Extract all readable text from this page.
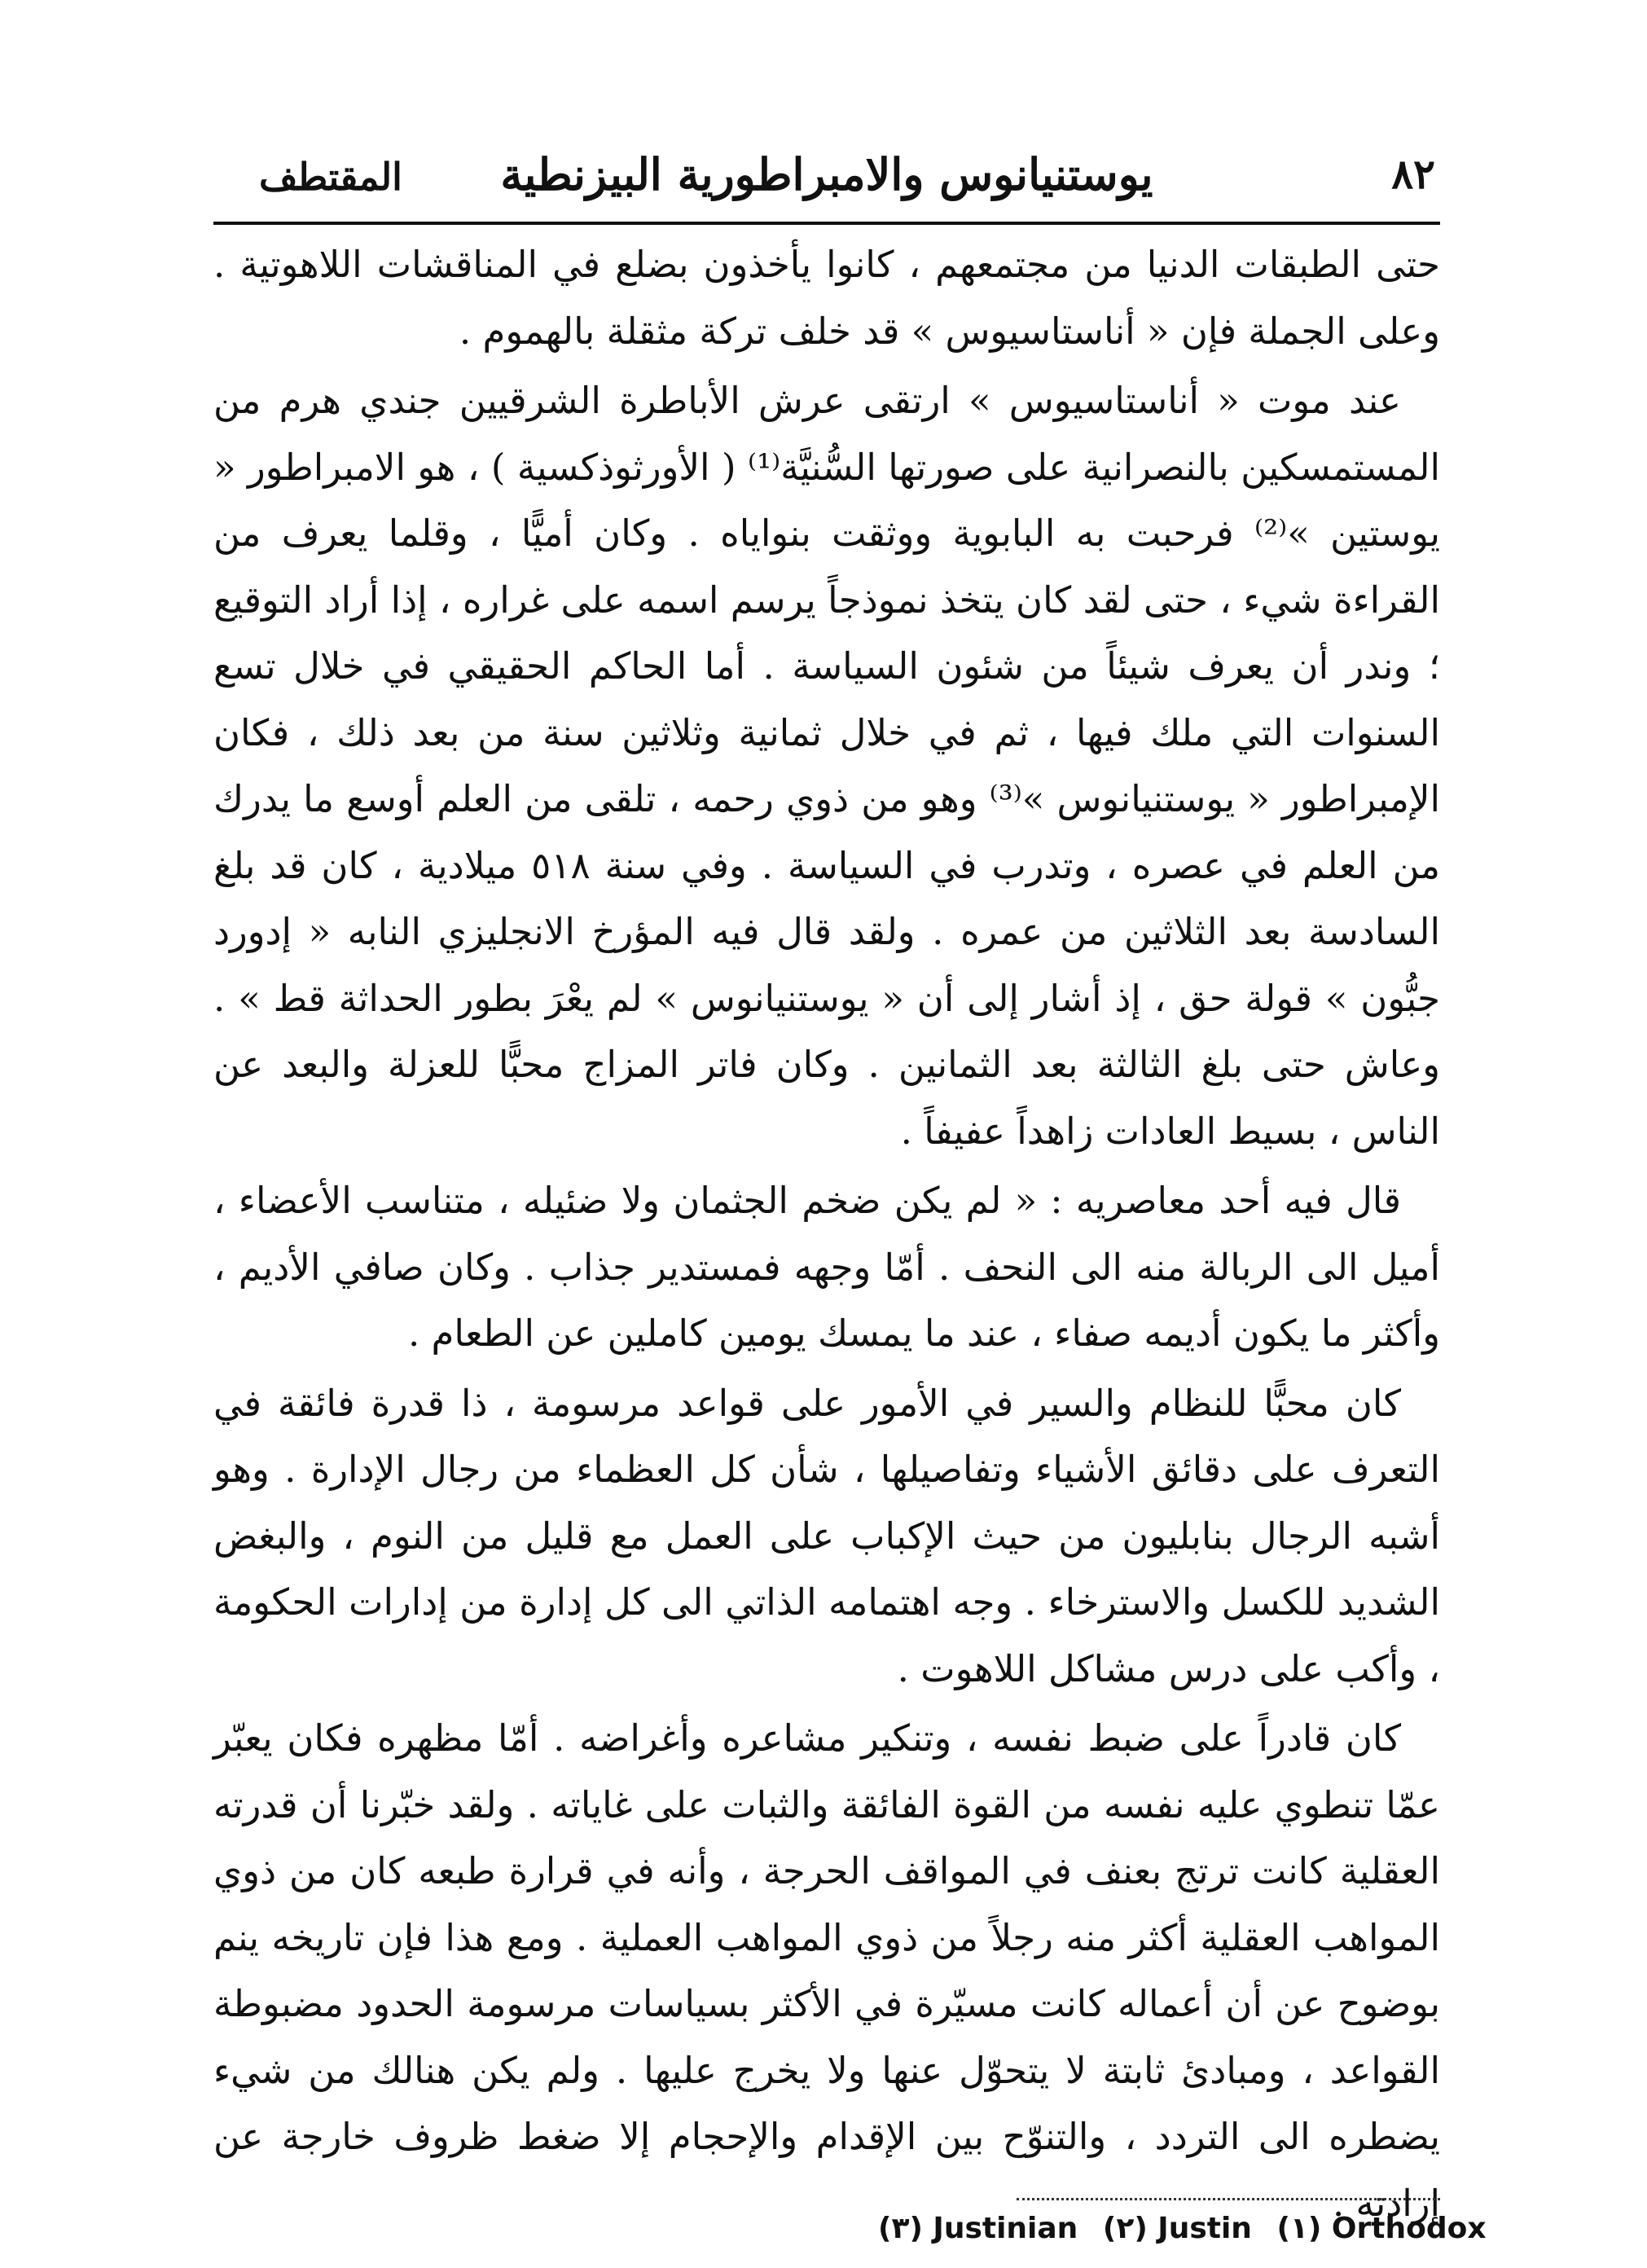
٨٢
يوستنيانوس والامبراطورية البيزنطية
المقتطف

حتى الطبقات الدنيا من مجتمعهم ، كانوا يأخذون بضلع في المناقشات اللاهوتية . وعلى الجملة فإن « أناستاسيوس » قد خلف تركة مثقلة بالهموم .

عند موت « أناستاسيوس » ارتقى عرش الأباطرة الشرقيين جندي هرم من المستمسكين بالنصرانية على صورتها السُّنيَّة⁽¹⁾ ( الأورثوذكسية ) ، هو الامبراطور « يوستين »⁽²⁾ فرحبت به البابوية ووثقت بنواياه . وكان أميًّا ، وقلما يعرف من القراءة شيء ، حتى لقد كان يتخذ نموذجاً يرسم اسمه على غراره ، إذا أراد التوقيع ؛ وندر أن يعرف شيئاً من شئون السياسة . أما الحاكم الحقيقي في خلال تسع السنوات التي ملك فيها ، ثم في خلال ثمانية وثلاثين سنة من بعد ذلك ، فكان الإمبراطور « يوستنيانوس »⁽³⁾ وهو من ذوي رحمه ، تلقى من العلم أوسع ما يدرك من العلم في عصره ، وتدرب في السياسة . وفي سنة ٥١٨ ميلادية ، كان قد بلغ السادسة بعد الثلاثين من عمره . ولقد قال فيه المؤرخ الانجليزي النابه « إدورد جبُّون » قولة حق ، إذ أشار إلى أن « يوستنيانوس » لم يعْرَ بطور الحداثة قط » . وعاش حتى بلغ الثالثة بعد الثمانين . وكان فاتر المزاج محبًّا للعزلة والبعد عن الناس ، بسيط العادات زاهداً عفيفاً .

قال فيه أحد معاصريه : « لم يكن ضخم الجثمان ولا ضئيله ، متناسب الأعضاء ، أميل الى الربالة منه الى النحف . أمّا وجهه فمستدير جذاب . وكان صافي الأديم ، وأكثر ما يكون أديمه صفاء ، عند ما يمسك يومين كاملين عن الطعام .

كان محبًّا للنظام والسير في الأمور على قواعد مرسومة ، ذا قدرة فائقة في التعرف على دقائق الأشياء وتفاصيلها ، شأن كل العظماء من رجال الإدارة . وهو أشبه الرجال بنابليون من حيث الإكباب على العمل مع قليل من النوم ، والبغض الشديد للكسل والاسترخاء . وجه اهتمامه الذاتي الى كل إدارة من إدارات الحكومة ، وأكب على درس مشاكل اللاهوت .

كان قادراً على ضبط نفسه ، وتنكير مشاعره وأغراضه . أمّا مظهره فكان يعبّر عمّا تنطوي عليه نفسه من القوة الفائقة والثبات على غاياته . ولقد خبّرنا أن قدرته العقلية كانت ترتج بعنف في المواقف الحرجة ، وأنه في قرارة طبعه كان من ذوي المواهب العقلية أكثر منه رجلاً من ذوي المواهب العملية . ومع هذا فإن تاريخه ينم بوضوح عن أن أعماله كانت مسيّرة في الأكثر بسياسات مرسومة الحدود مضبوطة القواعد ، ومبادئ ثابتة لا يتحوّل عنها ولا يخرج عليها . ولم يكن هنالك من شيء يضطره الى التردد ، والتنوّح بين الإقدام والإحجام إلا ضغط ظروف خارجة عن إرادته .

(٣) Justinian (٢) Justin (١) Orthodox
